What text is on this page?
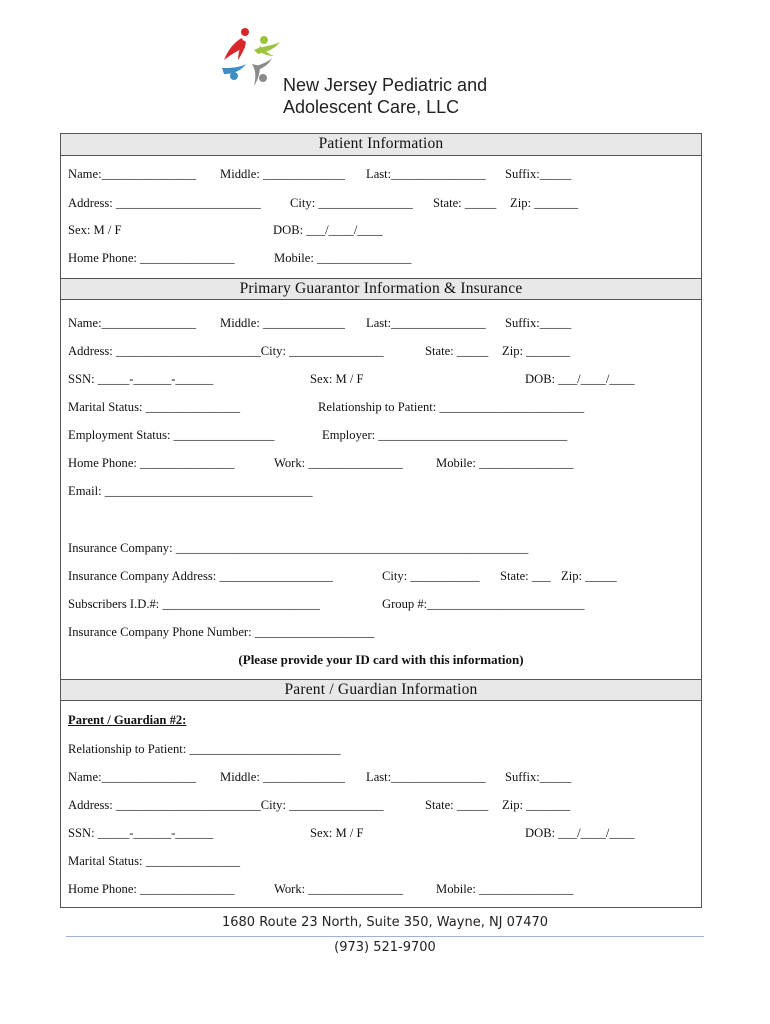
New Jersey Pediatric and
Adolescent Care, LLC
Patient Information
Name:_______________ Middle: _____________ Last:_______________ Suffix:_____
Address: _______________________ City: _______________ State: _____ Zip: _______
Sex: M / F	DOB: ___/____/____
Home Phone: _______________	Mobile: _______________
Primary Guarantor Information & Insurance
Name:_______________ Middle: _____________ Last:_______________ Suffix:_____
Address: _______________________City: _______________	State: _____ Zip: _______
SSN: _____-______-______	Sex: M / F	DOB: ___/____/____
Marital Status: _______________	Relationship to Patient: _______________________
Employment Status: ________________	Employer: ______________________________
Home Phone: _______________	Work: _______________	Mobile: _______________
Email: _________________________________
Insurance Company: ________________________________________________________
Insurance Company Address: __________________	City: ___________ State: ___ Zip: _____
Subscribers I.D.#: _________________________	Group #:_________________________
Insurance Company Phone Number: ___________________
(Please provide your ID card with this information)
Parent / Guardian Information
Parent / Guardian #2:
Relationship to Patient: ________________________
Name:_______________ Middle: _____________ Last:_______________ Suffix:_____
Address: _______________________City: _______________	State: _____ Zip: _______
SSN: _____-______-______	Sex: M / F	DOB: ___/____/____
Marital Status: _______________
Home Phone: _______________	Work: _______________	Mobile: _______________
1680 Route 23 North, Suite 350, Wayne, NJ 07470
(973) 521-9700
